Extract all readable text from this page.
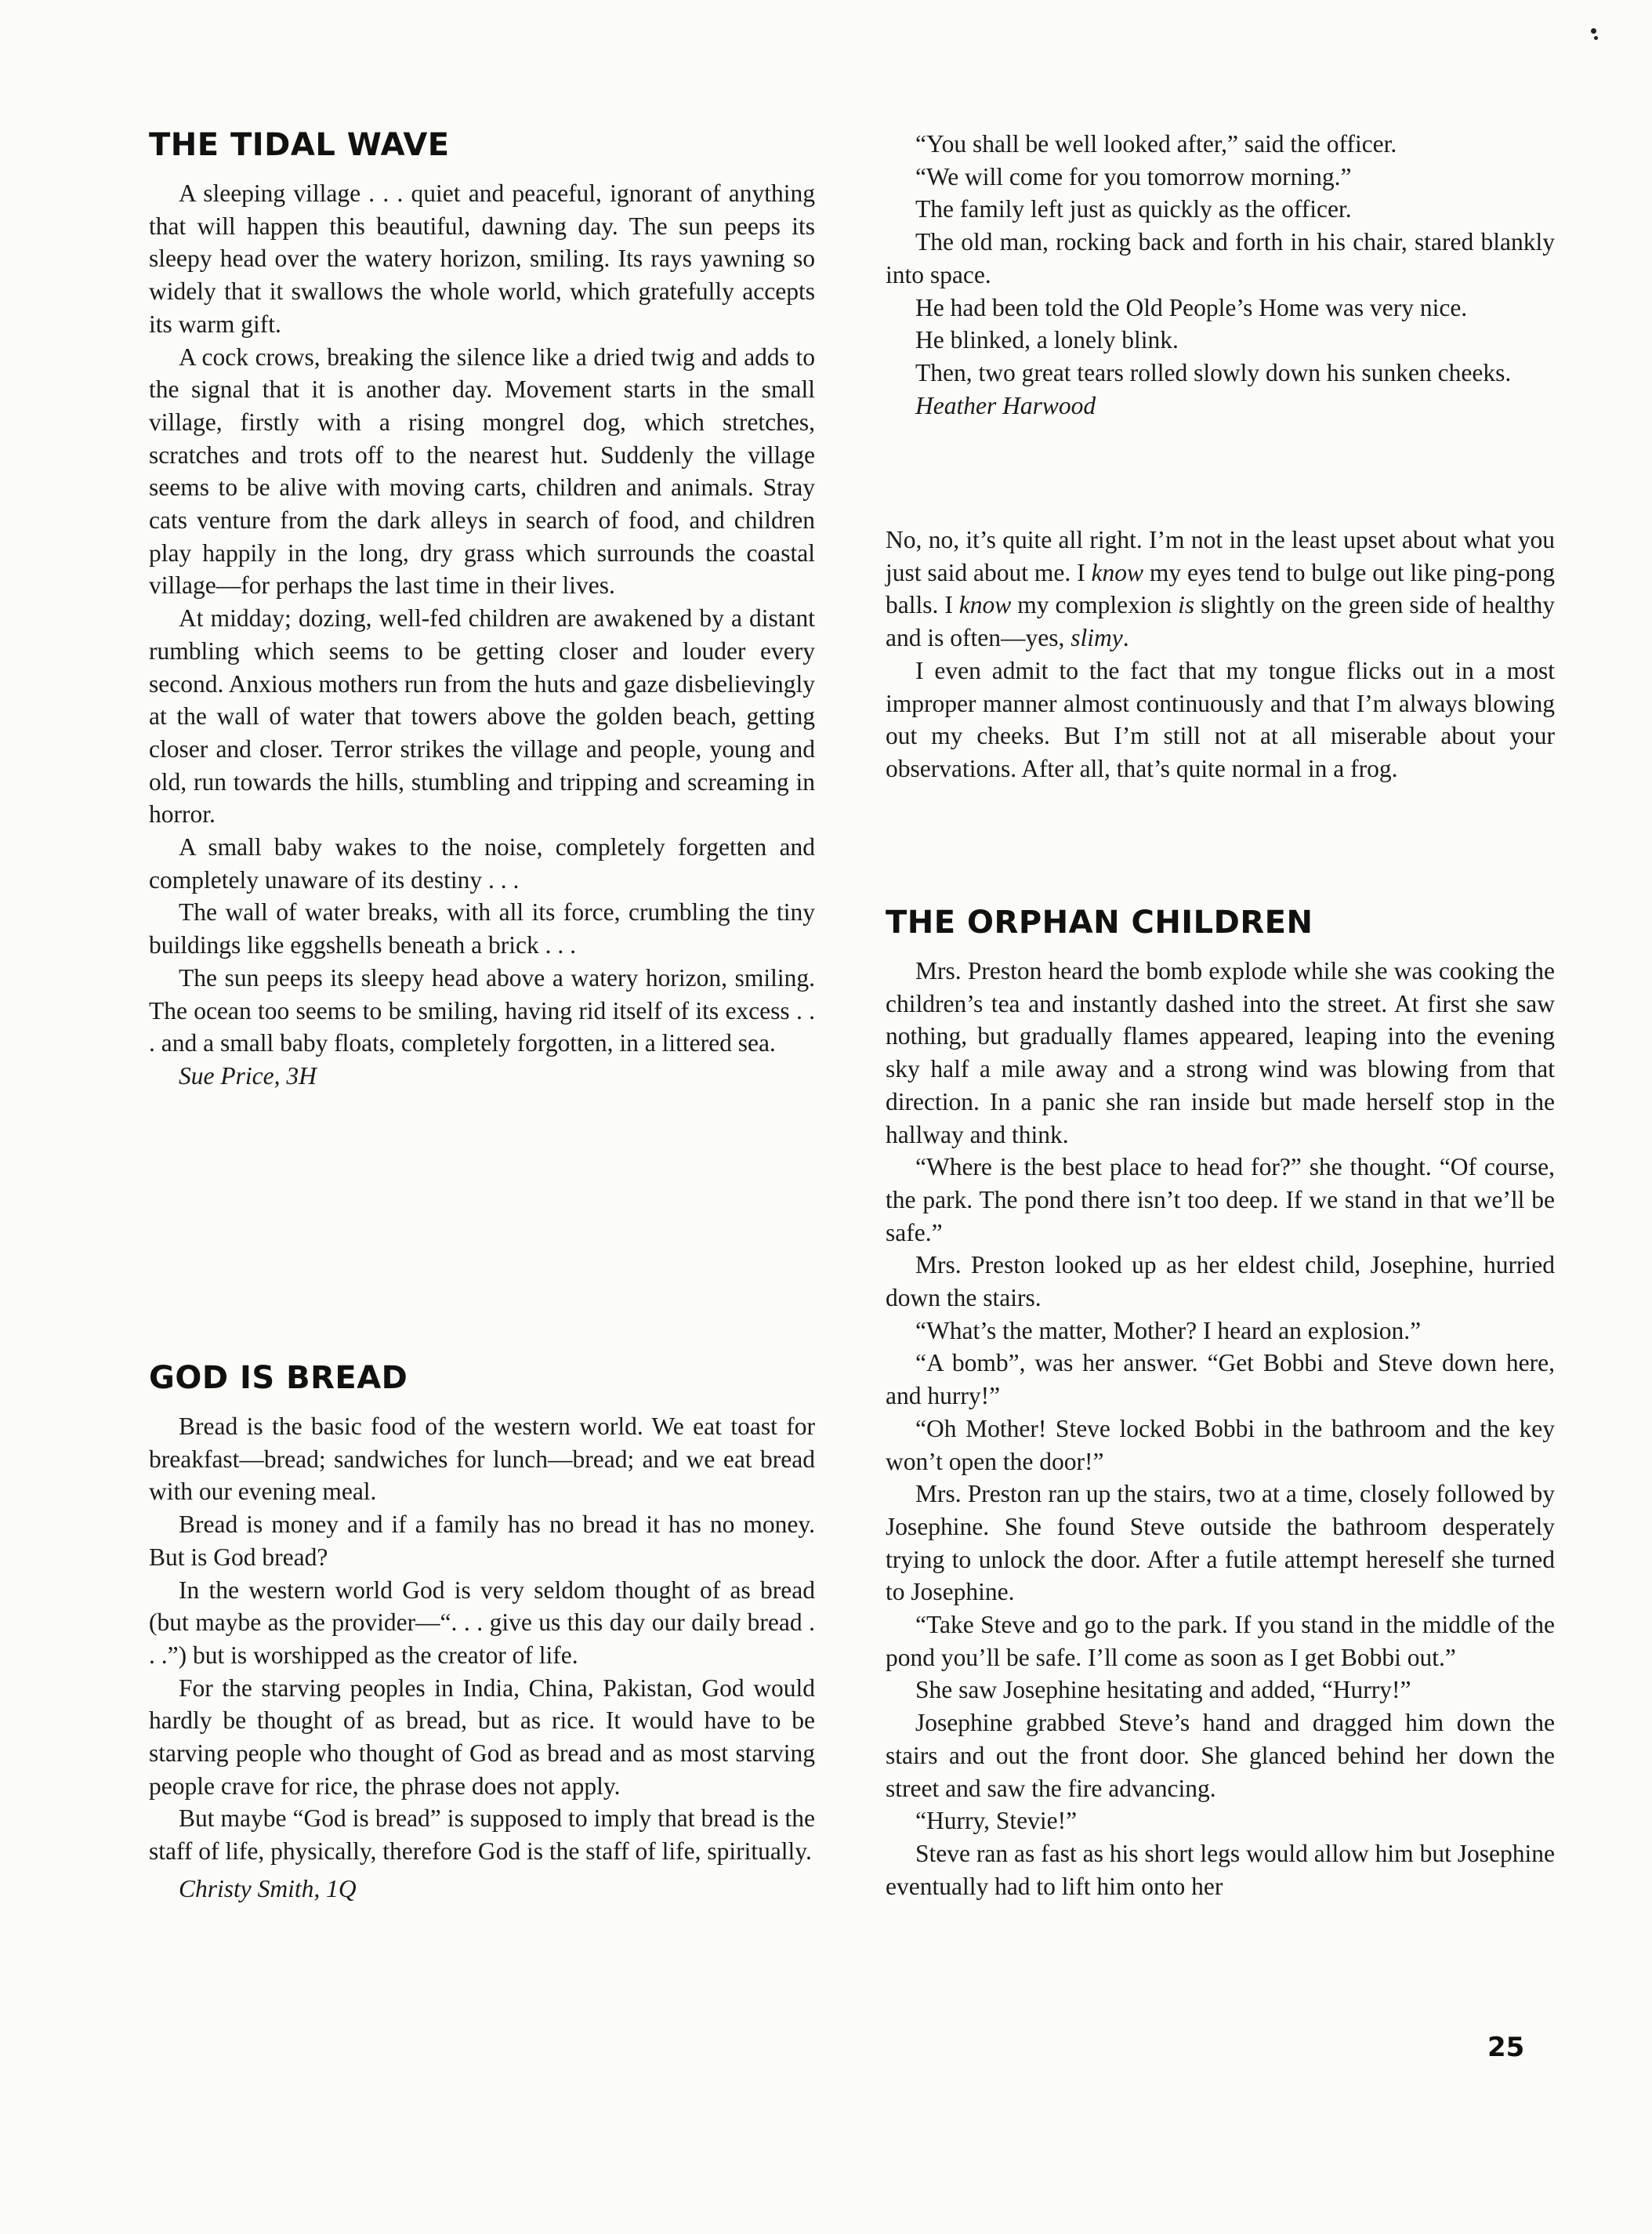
THE TIDAL WAVE

A sleeping village . . . quiet and peaceful, ignorant of anything that will happen this beautiful, dawning day. The sun peeps its sleepy head over the watery horizon, smiling. Its rays yawning so widely that it swallows the whole world, which gratefully accepts its warm gift.

A cock crows, breaking the silence like a dried twig and adds to the signal that it is another day. Movement starts in the small village, firstly with a rising mongrel dog, which stretches, scratches and trots off to the nearest hut. Suddenly the village seems to be alive with moving carts, children and animals. Stray cats venture from the dark alleys in search of food, and children play happily in the long, dry grass which surrounds the coastal village—for perhaps the last time in their lives.

At midday; dozing, well-fed children are awakened by a distant rumbling which seems to be getting closer and louder every second. Anxious mothers run from the huts and gaze disbelievingly at the wall of water that towers above the golden beach, getting closer and closer. Terror strikes the village and people, young and old, run towards the hills, stumbling and tripping and screaming in horror.

A small baby wakes to the noise, completely forgetten and completely unaware of its destiny . . .

The wall of water breaks, with all its force, crumbling the tiny buildings like eggshells beneath a brick . . .

The sun peeps its sleepy head above a watery horizon, smiling. The ocean too seems to be smiling, having rid itself of its excess . . . and a small baby floats, completely forgotten, in a littered sea.

Sue Price, 3H

GOD IS BREAD

Bread is the basic food of the western world. We eat toast for breakfast—bread; sandwiches for lunch—bread; and we eat bread with our evening meal.

Bread is money and if a family has no bread it has no money. But is God bread?

In the western world God is very seldom thought of as bread (but maybe as the provider—“. . . give us this day our daily bread . . .”) but is worshipped as the creator of life.

For the starving peoples in India, China, Pakistan, God would hardly be thought of as bread, but as rice. It would have to be starving people who thought of God as bread and as most starving people crave for rice, the phrase does not apply.

But maybe “God is bread” is supposed to imply that bread is the staff of life, physically, therefore God is the staff of life, spiritually.

Christy Smith, 1Q

“You shall be well looked after,” said the officer.

“We will come for you tomorrow morning.”

The family left just as quickly as the officer.

The old man, rocking back and forth in his chair, stared blankly into space.

He had been told the Old People’s Home was very nice.

He blinked, a lonely blink.

Then, two great tears rolled slowly down his sunken cheeks.

Heather Harwood

No, no, it’s quite all right. I’m not in the least upset about what you just said about me. I know my eyes tend to bulge out like ping-pong balls. I know my complexion is slightly on the green side of healthy and is often—yes, slimy.

I even admit to the fact that my tongue flicks out in a most improper manner almost continuously and that I’m always blowing out my cheeks. But I’m still not at all miserable about your observations. After all, that’s quite normal in a frog.

THE ORPHAN CHILDREN

Mrs. Preston heard the bomb explode while she was cooking the children’s tea and instantly dashed into the street. At first she saw nothing, but gradually flames appeared, leaping into the evening sky half a mile away and a strong wind was blowing from that direction. In a panic she ran inside but made herself stop in the hallway and think.

“Where is the best place to head for?” she thought. “Of course, the park. The pond there isn’t too deep. If we stand in that we’ll be safe.”

Mrs. Preston looked up as her eldest child, Josephine, hurried down the stairs.

“What’s the matter, Mother? I heard an explosion.”

“A bomb”, was her answer. “Get Bobbi and Steve down here, and hurry!”

“Oh Mother! Steve locked Bobbi in the bathroom and the key won’t open the door!”

Mrs. Preston ran up the stairs, two at a time, closely followed by Josephine. She found Steve outside the bathroom desperately trying to unlock the door. After a futile attempt hereself she turned to Josephine.

“Take Steve and go to the park. If you stand in the middle of the pond you’ll be safe. I’ll come as soon as I get Bobbi out.”

She saw Josephine hesitating and added, “Hurry!”

Josephine grabbed Steve’s hand and dragged him down the stairs and out the front door. She glanced behind her down the street and saw the fire advancing.

“Hurry, Stevie!”

Steve ran as fast as his short legs would allow him but Josephine eventually had to lift him onto her

25
